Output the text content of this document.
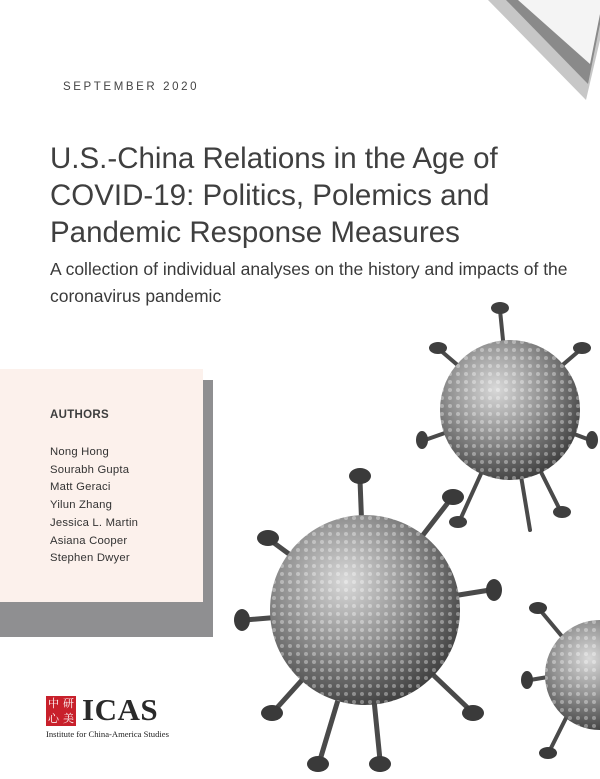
SEPTEMBER 2020
U.S.-China Relations in the Age of COVID-19: Politics, Polemics and Pandemic Response Measures

A collection of individual analyses on the history and impacts of the coronavirus pandemic

AUTHORS
Nong Hong
Sourabh Gupta
Matt Geraci
Yilun Zhang
Jessica L. Martin
Asiana Cooper
Stephen Dwyer
中 研
心 美 ICAS
Institute for China-America Studies
